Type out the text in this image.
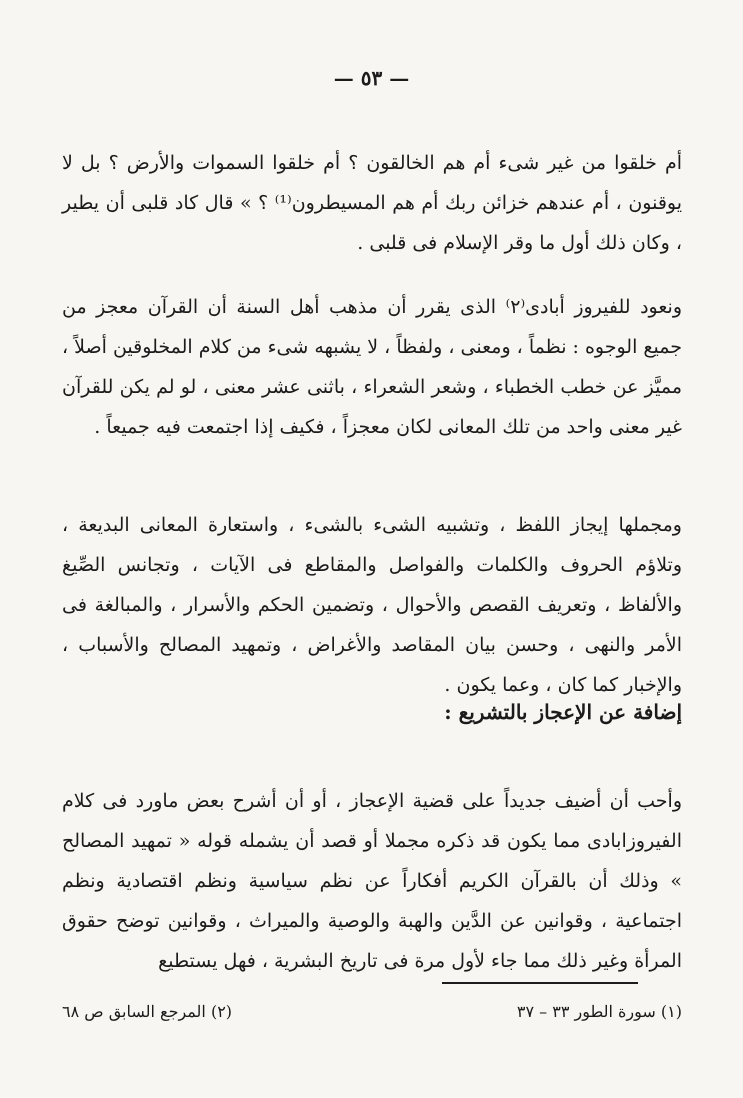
— ٥٣ —

أم خلقوا من غير شىء أم هم الخالقون ؟ أم خلقوا السموات والأرض ؟ بل لا يوقنون ، أم عندهم خزائن ربك أم هم المسيطرون⁽¹⁾ ؟ » قال كاد قلبى أن يطير ، وكان ذلك أول ما وقر الإسلام فى قلبى .

ونعود للفيروز أبادى⁽٢⁾ الذى يقرر أن مذهب أهل السنة أن القرآن معجز من جميع الوجوه : نظماً ، ومعنى ، ولفظاً ، لا يشبهه شىء من كلام المخلوقين أصلاً ، مميَّز عن خطب الخطباء ، وشعر الشعراء ، باثنى عشر معنى ، لو لم يكن للقرآن غير معنى واحد من تلك المعانى لكان معجزاً ، فكيف إذا اجتمعت فيه جميعاً .

ومجملها إيجاز اللفظ ، وتشبيه الشىء بالشىء ، واستعارة المعانى البديعة ، وتلاؤم الحروف والكلمات والفواصل والمقاطع فى الآيات ، وتجانس الصِّيغ والألفاظ ، وتعريف القصص والأحوال ، وتضمين الحكم والأسرار ، والمبالغة فى الأمر والنهى ، وحسن بيان المقاصد والأغراض ، وتمهيد المصالح والأسباب ، والإخبار كما كان ، وعما يكون .

إضافة عن الإعجاز بالتشريع :

وأحب أن أضيف جديداً على قضية الإعجاز ، أو أن أشرح بعض ماورد فى كلام الفيروزابادى مما يكون قد ذكره مجملا أو قصد أن يشمله قوله « تمهيد المصالح » وذلك أن بالقرآن الكريم أفكاراً عن نظم سياسية ونظم اقتصادية ونظم اجتماعية ، وقوانين عن الدَّين والهبة والوصية والميراث ، وقوانين توضح حقوق المرأة وغير ذلك مما جاء لأول مرة فى تاريخ البشرية ، فهل يستطيع

(١) سورة الطور ٣٣ – ٣٧
(٢) المرجع السابق ص ٦٨
